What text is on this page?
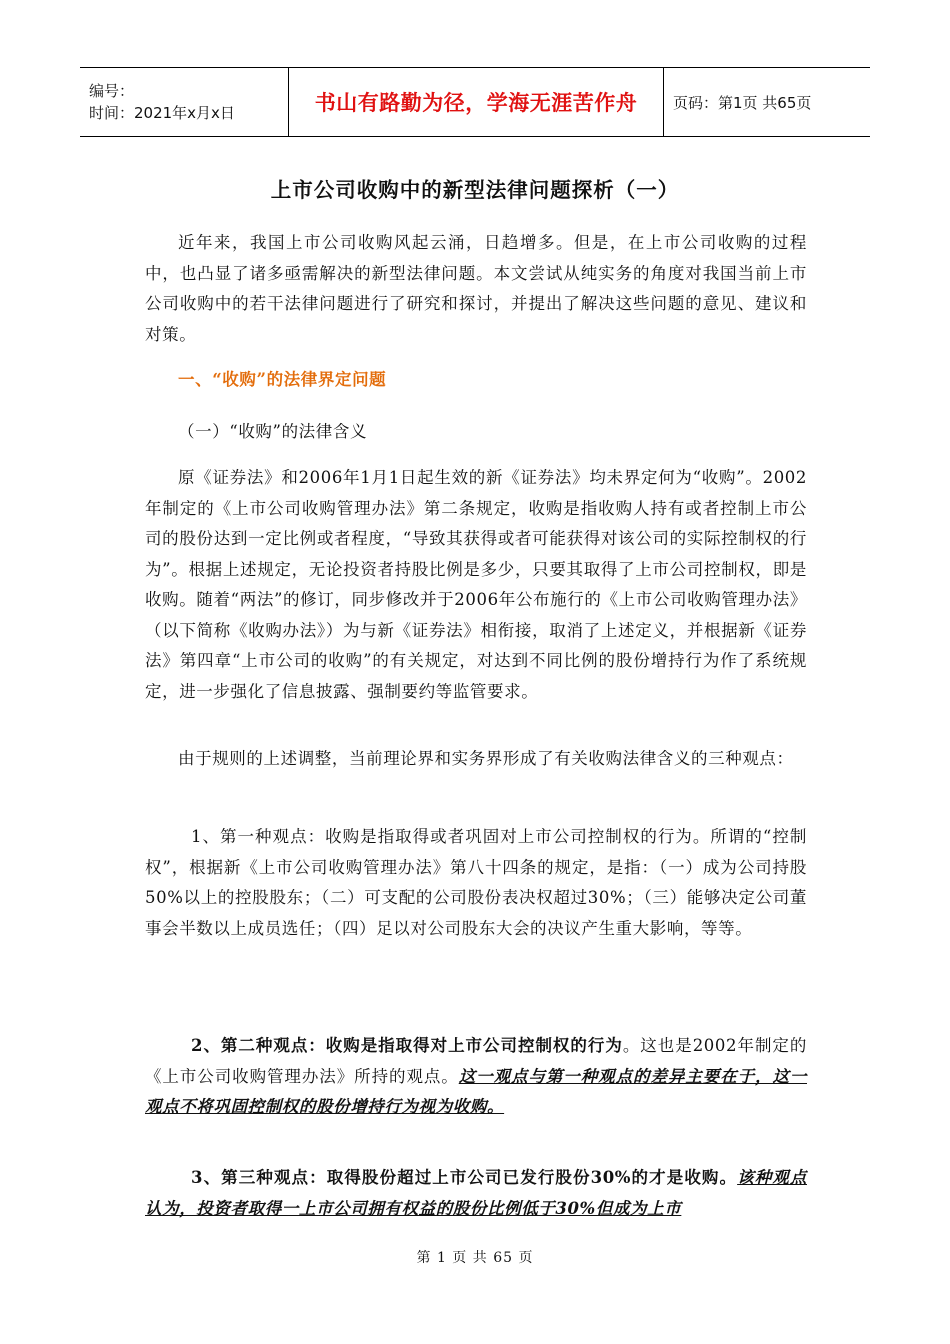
编号：
时间：2021年x月x日	书山有路勤为径，学海无涯苦作舟 页码：第1页 共65页
上市公司收购中的新型法律问题探析（一）

近年来，我国上市公司收购风起云涌，日趋增多。但是，在上市公司收购的过程中，也凸显了诸多亟需解决的新型法律问题。本文尝试从纯实务的角度对我国当前上市公司收购中的若干法律问题进行了研究和探讨，并提出了解决这些问题的意见、建议和对策。

一、“收购”的法律界定问题
（一）“收购”的法律含义

原《证券法》和2006年1月1日起生效的新《证券法》均未界定何为“收购”。2002年制定的《上市公司收购管理办法》第二条规定，收购是指收购人持有或者控制上市公司的股份达到一定比例或者程度，“导致其获得或者可能获得对该公司的实际控制权的行为”。根据上述规定，无论投资者持股比例是多少，只要其取得了上市公司控制权，即是收购。随着“两法”的修订，同步修改并于2006年公布施行的《上市公司收购管理办法》（以下简称《收购办法》）为与新《证券法》相衔接，取消了上述定义，并根据新《证券法》第四章“上市公司的收购”的有关规定，对达到不同比例的股份增持行为作了系统规定，进一步强化了信息披露、强制要约等监管要求。

由于规则的上述调整，当前理论界和实务界形成了有关收购法律含义的三种观点：

1、第一种观点：收购是指取得或者巩固对上市公司控制权的行为。所谓的“控制权”，根据新《上市公司收购管理办法》第八十四条的规定，是指：（一）成为公司持股50%以上的控股股东；（二）可支配的公司股份表决权超过30%；（三）能够决定公司董事会半数以上成员选任；（四）足以对公司股东大会的决议产生重大影响，等等。

2、第二种观点：收购是指取得对上市公司控制权的行为。这也是2002年制定的《上市公司收购管理办法》所持的观点。这一观点与第一种观点的差异主要在于，这一观点不将巩固控制权的股份增持行为视为收购。

3、第三种观点：取得股份超过上市公司已发行股份30%的才是收购。该种观点认为，投资者取得一上市公司拥有权益的股份比例低于30%但成为上市

第 1 页 共 65 页
